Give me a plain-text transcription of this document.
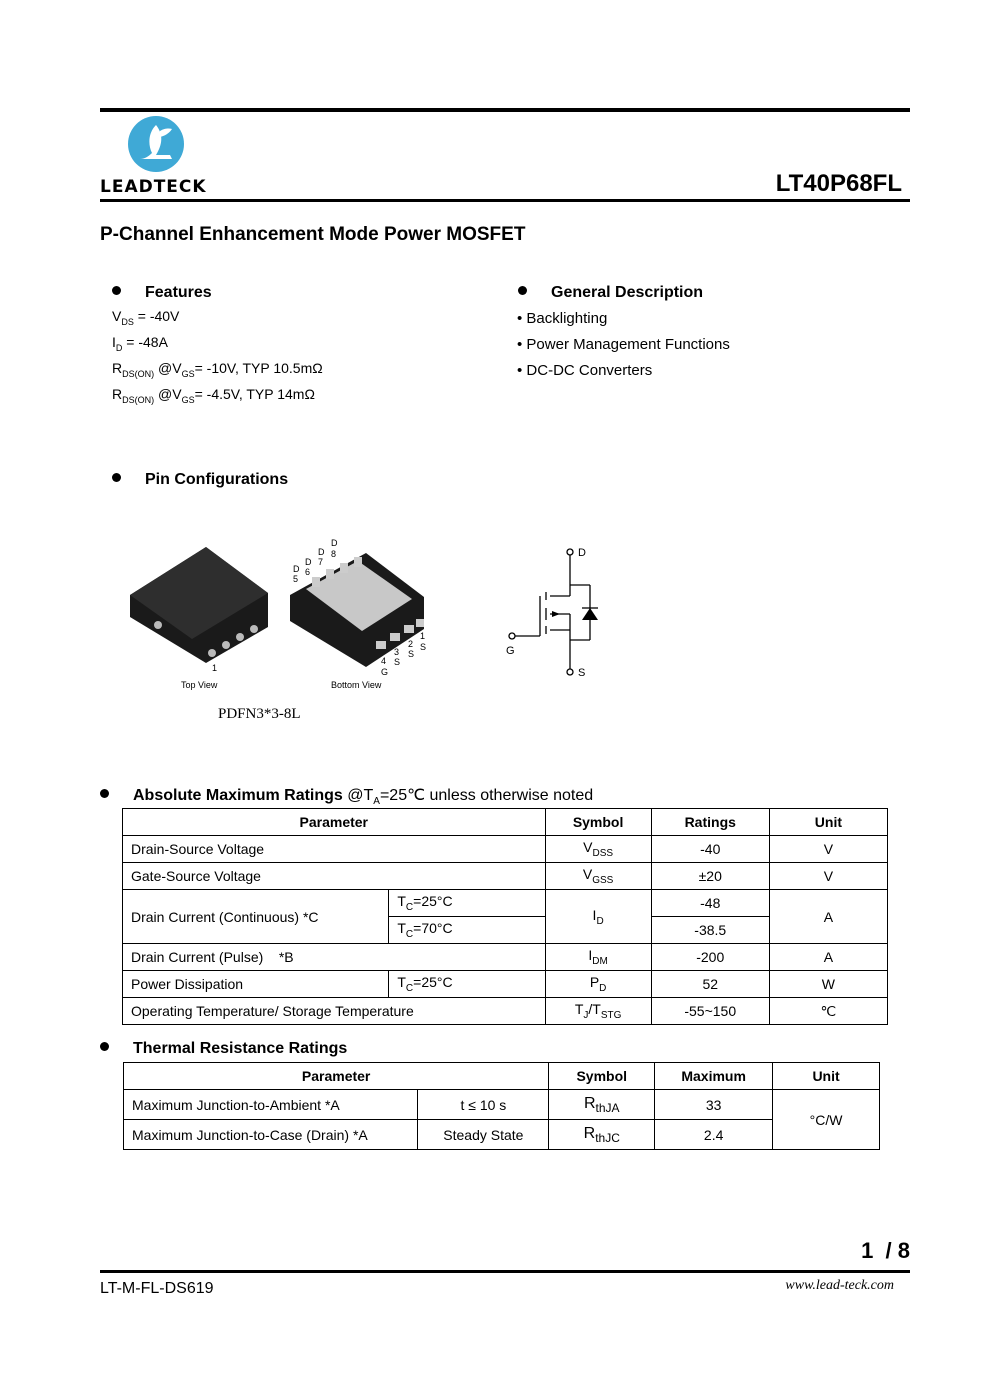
LEADTECK	LT40P68FL
P-Channel Enhancement Mode Power MOSFET
Features
$V_{DS} = -40V$
$I_D = -48A$
$R_{DS(ON)}$ $@V_{GS}= -10V$, TYP 10.5mΩ
$R_{DS(ON)}$ $@V_{GS}= -4.5V$, TYP 14mΩ
General Description
• Backlighting
• Power Management Functions
• DC-DC Converters
Pin Configurations
1
Top View
5
D 6
D 7
D 8
D
1
S
2
S
3
S
4
G
Bottom View
D
S
G
PDFN3*3-8L
Absolute Maximum Ratings $@T_A=25℃$ unless otherwise noted
Parameter		Symbol	Ratings	Unit
Drain-Source Voltage		$V_{DSS}$	-40	V
Gate-Source Voltage		$V_{GSS}$	±20	V
Drain Current (Continuous) *C	$T_C=25^\circ C$	$I_D$	-48	A
	$T_C=70^\circ C$		-38.5	
Drain Current (Pulse)    *B		$I_{DM}$	-200	A
Power Dissipation	$T_C=25^\circ C$	$P_D$	52	W
Operating Temperature/ Storage Temperature		$T_J/T_{STG}$	-55~150	℃
Thermal Resistance Ratings
Parameter		Symbol	Maximum	Unit
Maximum Junction-to-Ambient *A	t ≤ 10 s	$R_{thJA}$	33	°C/W
Maximum Junction-to-Case (Drain) *A	Steady State	$R_{thJC}$	2.4	
1  / 8
LT-M-FL-DS619	www.lead-teck.com
